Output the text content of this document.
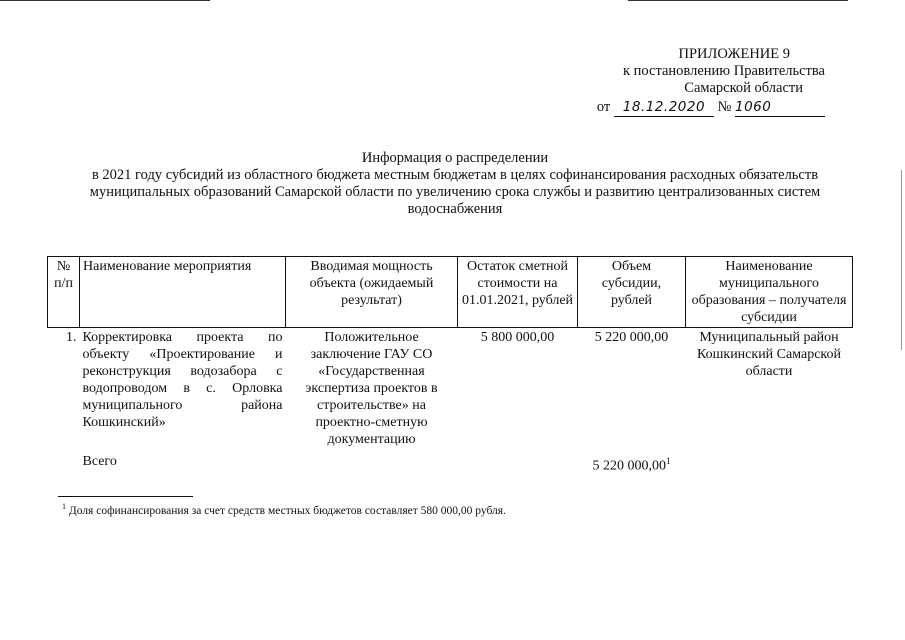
ПРИЛОЖЕНИЕ 9
к постановлению Правительства
Самарской области
от 18.12.2020 № 1060
Информация о распределении
в 2021 году субсидий из областного бюджета местным бюджетам в целях софинансирования расходных обязательств муниципальных образований Самарской области по увеличению срока службы и развитию централизованных систем водоснабжения
№ п/п	Наименование мероприятия	Вводимая мощность объекта (ожидаемый результат)	Остаток сметной стоимости на 01.01.2021, рублей	Объем субсидии, рублей	Наименование муниципального образования – получателя субсидии
1.	Корректировка проекта по объекту «Проектирование и реконструкция водозабора с водопроводом в с. Орловка муниципального района Кошкинский»	Положительное заключение ГАУ СО «Государственная экспертиза проектов в строительстве» на проектно-сметную документацию	5 800 000,00	5 220 000,00	Муниципальный район Кошкинский Самарской области
	Всего			5 220 000,00$^1$	
$^1$ Доля софинансирования за счет средств местных бюджетов составляет 580 000,00 рубля.
